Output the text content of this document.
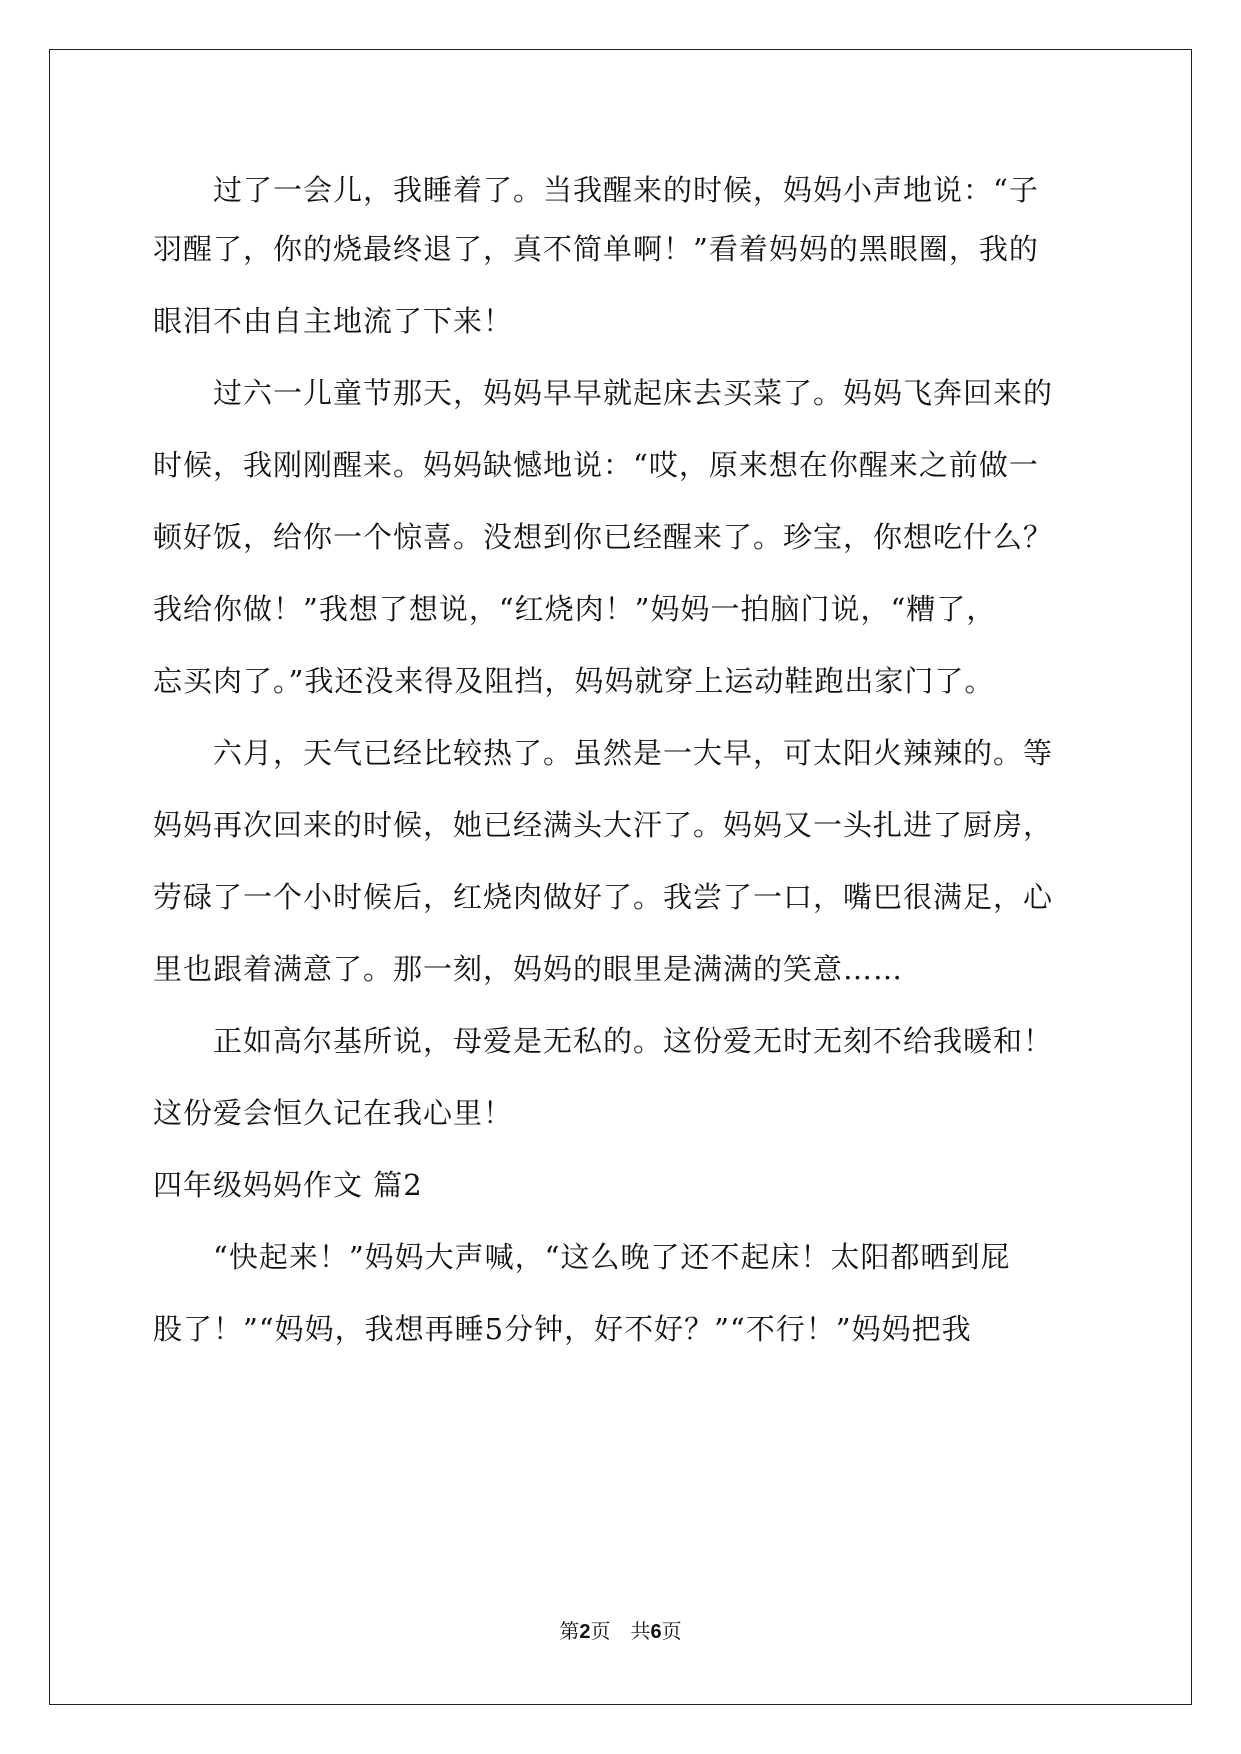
过了一会儿，我睡着了。当我醒来的时候，妈妈小声地说：“子
羽醒了，你的烧最终退了，真不简单啊！”看着妈妈的黑眼圈，我的
眼泪不由自主地流了下来！
过六一儿童节那天，妈妈早早就起床去买菜了。妈妈飞奔回来的
时候，我刚刚醒来。妈妈缺憾地说：“哎，原来想在你醒来之前做一
顿好饭，给你一个惊喜。没想到你已经醒来了。珍宝，你想吃什么？
我给你做！”我想了想说，“红烧肉！”妈妈一拍脑门说，“糟了，
忘买肉了。”我还没来得及阻挡，妈妈就穿上运动鞋跑出家门了。
六月，天气已经比较热了。虽然是一大早，可太阳火辣辣的。等
妈妈再次回来的时候，她已经满头大汗了。妈妈又一头扎进了厨房，
劳碌了一个小时候后，红烧肉做好了。我尝了一口，嘴巴很满足，心
里也跟着满意了。那一刻，妈妈的眼里是满满的笑意……
正如高尔基所说，母爱是无私的。这份爱无时无刻不给我暖和！
这份爱会恒久记在我心里！
四年级妈妈作文 篇2
“快起来！”妈妈大声喊，“这么晚了还不起床！太阳都晒到屁
股了！”“妈妈，我想再睡5分钟，好不好？”“不行！”妈妈把我
第2页　共6页
